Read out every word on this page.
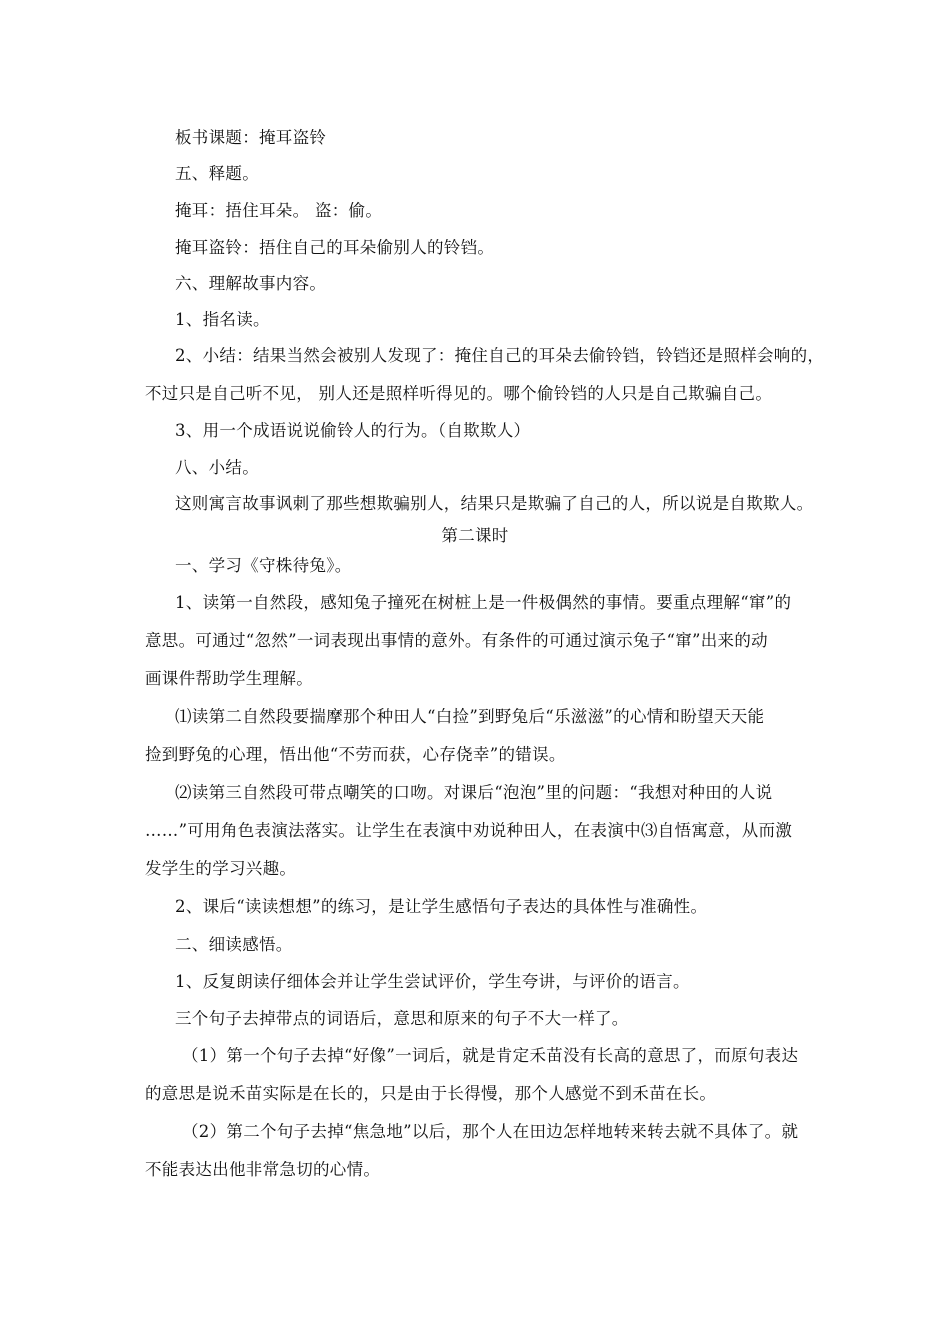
板书课题：掩耳盗铃
五、释题。
掩耳：捂住耳朵。 盗：偷。
掩耳盗铃：捂住自己的耳朵偷别人的铃铛。
六、理解故事内容。
1、指名读。
2、小结：结果当然会被别人发现了：掩住自己的耳朵去偷铃铛，铃铛还是照样会响的，
不过只是自己听不见， 别人还是照样听得见的。哪个偷铃铛的人只是自己欺骗自己。
3、用一个成语说说偷铃人的行为。（自欺欺人）
八、小结。
这则寓言故事讽刺了那些想欺骗别人，结果只是欺骗了自己的人，所以说是自欺欺人。
第二课时
一、学习《守株待兔》。
1、读第一自然段，感知兔子撞死在树桩上是一件极偶然的事情。要重点理解“窜”的
意思。可通过“忽然”一词表现出事情的意外。有条件的可通过演示兔子“窜”出来的动
画课件帮助学生理解。
⑴读第二自然段要揣摩那个种田人“白捡”到野兔后“乐滋滋”的心情和盼望天天能
捡到野兔的心理，悟出他“不劳而获，心存侥幸”的错误。
⑵读第三自然段可带点嘲笑的口吻。对课后“泡泡”里的问题：“我想对种田的人说
……”可用角色表演法落实。让学生在表演中劝说种田人，在表演中⑶自悟寓意，从而激
发学生的学习兴趣。
2、课后“读读想想”的练习，是让学生感悟句子表达的具体性与准确性。
二、细读感悟。
1、反复朗读仔细体会并让学生尝试评价，学生夸讲，与评价的语言。
三个句子去掉带点的词语后，意思和原来的句子不大一样了。
（1）第一个句子去掉“好像”一词后，就是肯定禾苗没有长高的意思了，而原句表达
的意思是说禾苗实际是在长的，只是由于长得慢，那个人感觉不到禾苗在长。
（2）第二个句子去掉“焦急地”以后，那个人在田边怎样地转来转去就不具体了。就
不能表达出他非常急切的心情。
